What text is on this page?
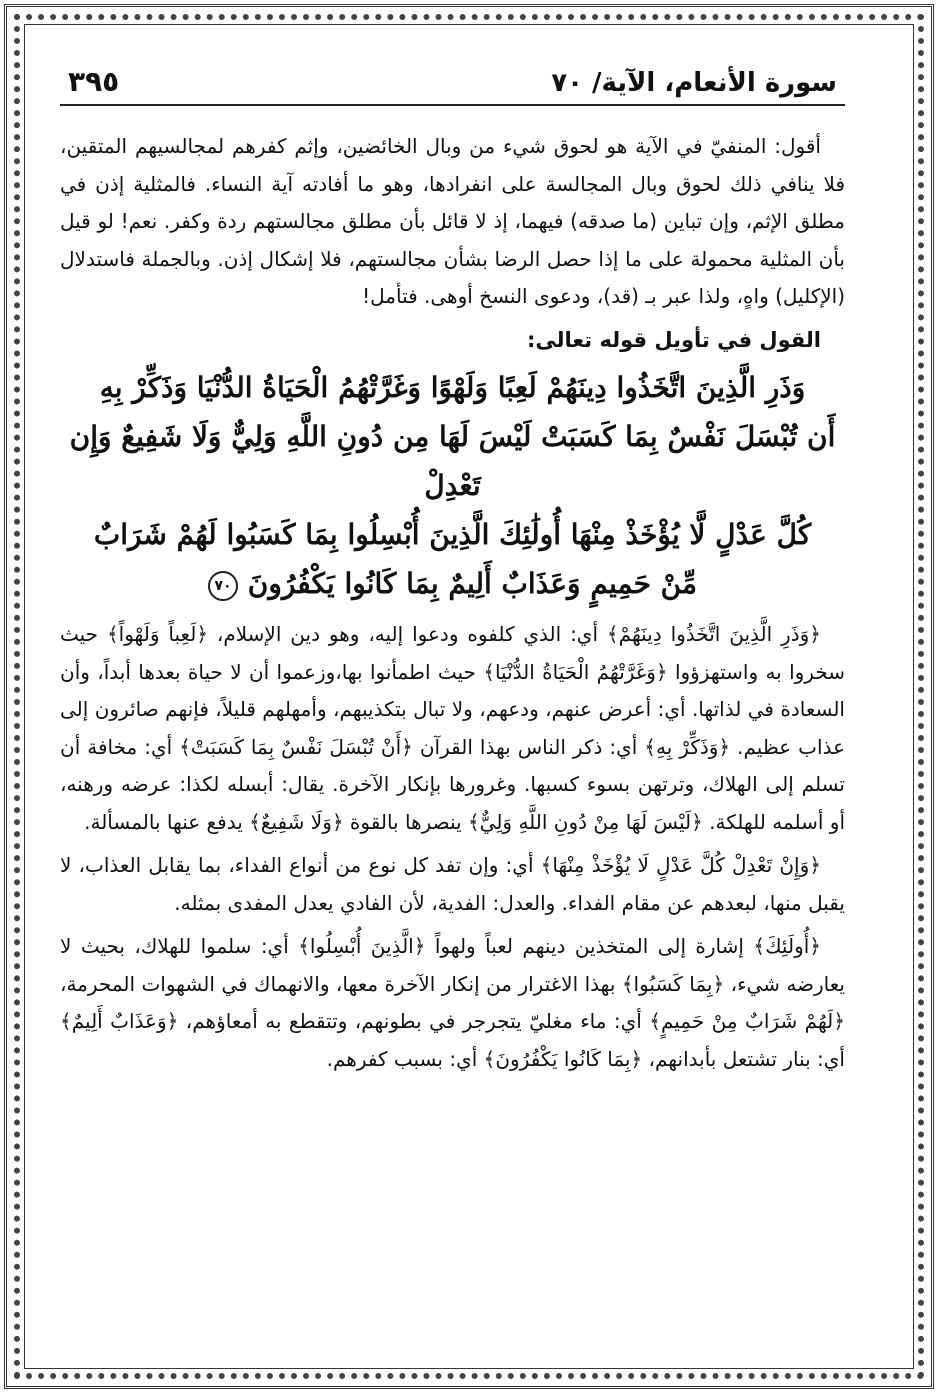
سورة الأنعام، الآية/ ٧٠
٣٩٥

أقول: المنفيّ في الآية هو لحوق شيء من وبال الخائضين، وإثم كفرهم لمجالسيهم المتقين، فلا ينافي ذلك لحوق وبال المجالسة على انفرادها، وهو ما أفادته آية النساء. فالمثلية إذن في مطلق الإثم، وإن تباين (ما صدقه) فيهما، إذ لا قائل بأن مطلق مجالستهم ردة وكفر. نعم! لو قيل بأن المثلية محمولة على ما إذا حصل الرضا بشأن مجالستهم، فلا إشكال إذن. وبالجملة فاستدلال (الإكليل) واهٍ، ولذا عبر بـ (قد)، ودعوى النسخ أوهى. فتأمل!

القول في تأويل قوله تعالى:
وَذَرِ الَّذِينَ اتَّخَذُوا دِينَهُمْ لَعِبًا وَلَهْوًا وَغَرَّتْهُمُ الْحَيَاةُ الدُّنْيَا وَذَكِّرْ بِهِ
أَن تُبْسَلَ نَفْسٌ بِمَا كَسَبَتْ لَيْسَ لَهَا مِن دُونِ اللَّهِ وَلِيٌّ وَلَا شَفِيعٌ وَإِن تَعْدِلْ
كُلَّ عَدْلٍ لَّا يُؤْخَذْ مِنْهَا أُولَٰئِكَ الَّذِينَ أُبْسِلُوا بِمَا كَسَبُوا لَهُمْ شَرَابٌ
مِّنْ حَمِيمٍ وَعَذَابٌ أَلِيمٌ بِمَا كَانُوا يَكْفُرُونَ ٧٠

﴿وَذَرِ الَّذِينَ اتَّخَذُوا دِينَهُمْ﴾ أي: الذي كلفوه ودعوا إليه، وهو دين الإسلام، ﴿لَعِباً وَلَهْواً﴾ حيث سخروا به واستهزؤوا ﴿وَغَرَّتْهُمُ الْحَيَاةُ الدُّنْيَا﴾ حيث اطمأنوا بها،وزعموا أن لا حياة بعدها أبداً، وأن السعادة في لذاتها. أي: أعرض عنهم، ودعهم، ولا تبال بتكذيبهم، وأمهلهم قليلاً، فإنهم صائرون إلى عذاب عظيم. ﴿وَذَكِّرْ بِهِ﴾ أي: ذكر الناس بهذا القرآن ﴿أَنْ تُبْسَلَ نَفْسٌ بِمَا كَسَبَتْ﴾ أي: مخافة أن تسلم إلى الهلاك، وترتهن بسوء كسبها. وغرورها بإنكار الآخرة. يقال: أبسله لكذا: عرضه ورهنه، أو أسلمه للهلكة. ﴿لَيْسَ لَهَا مِنْ دُونِ اللَّهِ وَلِيٌّ﴾ ينصرها بالقوة ﴿وَلَا شَفِيعٌ﴾ يدفع عنها بالمسألة.

﴿وَإِنْ تَعْدِلْ كُلَّ عَدْلٍ لَا يُؤْخَذْ مِنْهَا﴾ أي: وإن تفد كل نوع من أنواع الفداء، بما يقابل العذاب، لا يقبل منها، لبعدهم عن مقام الفداء. والعدل: الفدية، لأن الفادي يعدل المفدى بمثله.

﴿أُولَئِكَ﴾ إشارة إلى المتخذين دينهم لعباً ولهواً ﴿الَّذِينَ أُبْسِلُوا﴾ أي: سلموا للهلاك، بحيث لا يعارضه شيء، ﴿بِمَا كَسَبُوا﴾ بهذا الاغترار من إنكار الآخرة معها، والانهماك في الشهوات المحرمة، ﴿لَهُمْ شَرَابٌ مِنْ حَمِيمٍ﴾ أي: ماء مغليّ يتجرجر في بطونهم، وتتقطع به أمعاؤهم، ﴿وَعَذَابٌ أَلِيمٌ﴾ أي: بنار تشتعل بأبدانهم، ﴿بِمَا كَانُوا يَكْفُرُونَ﴾ أي: بسبب كفرهم.
